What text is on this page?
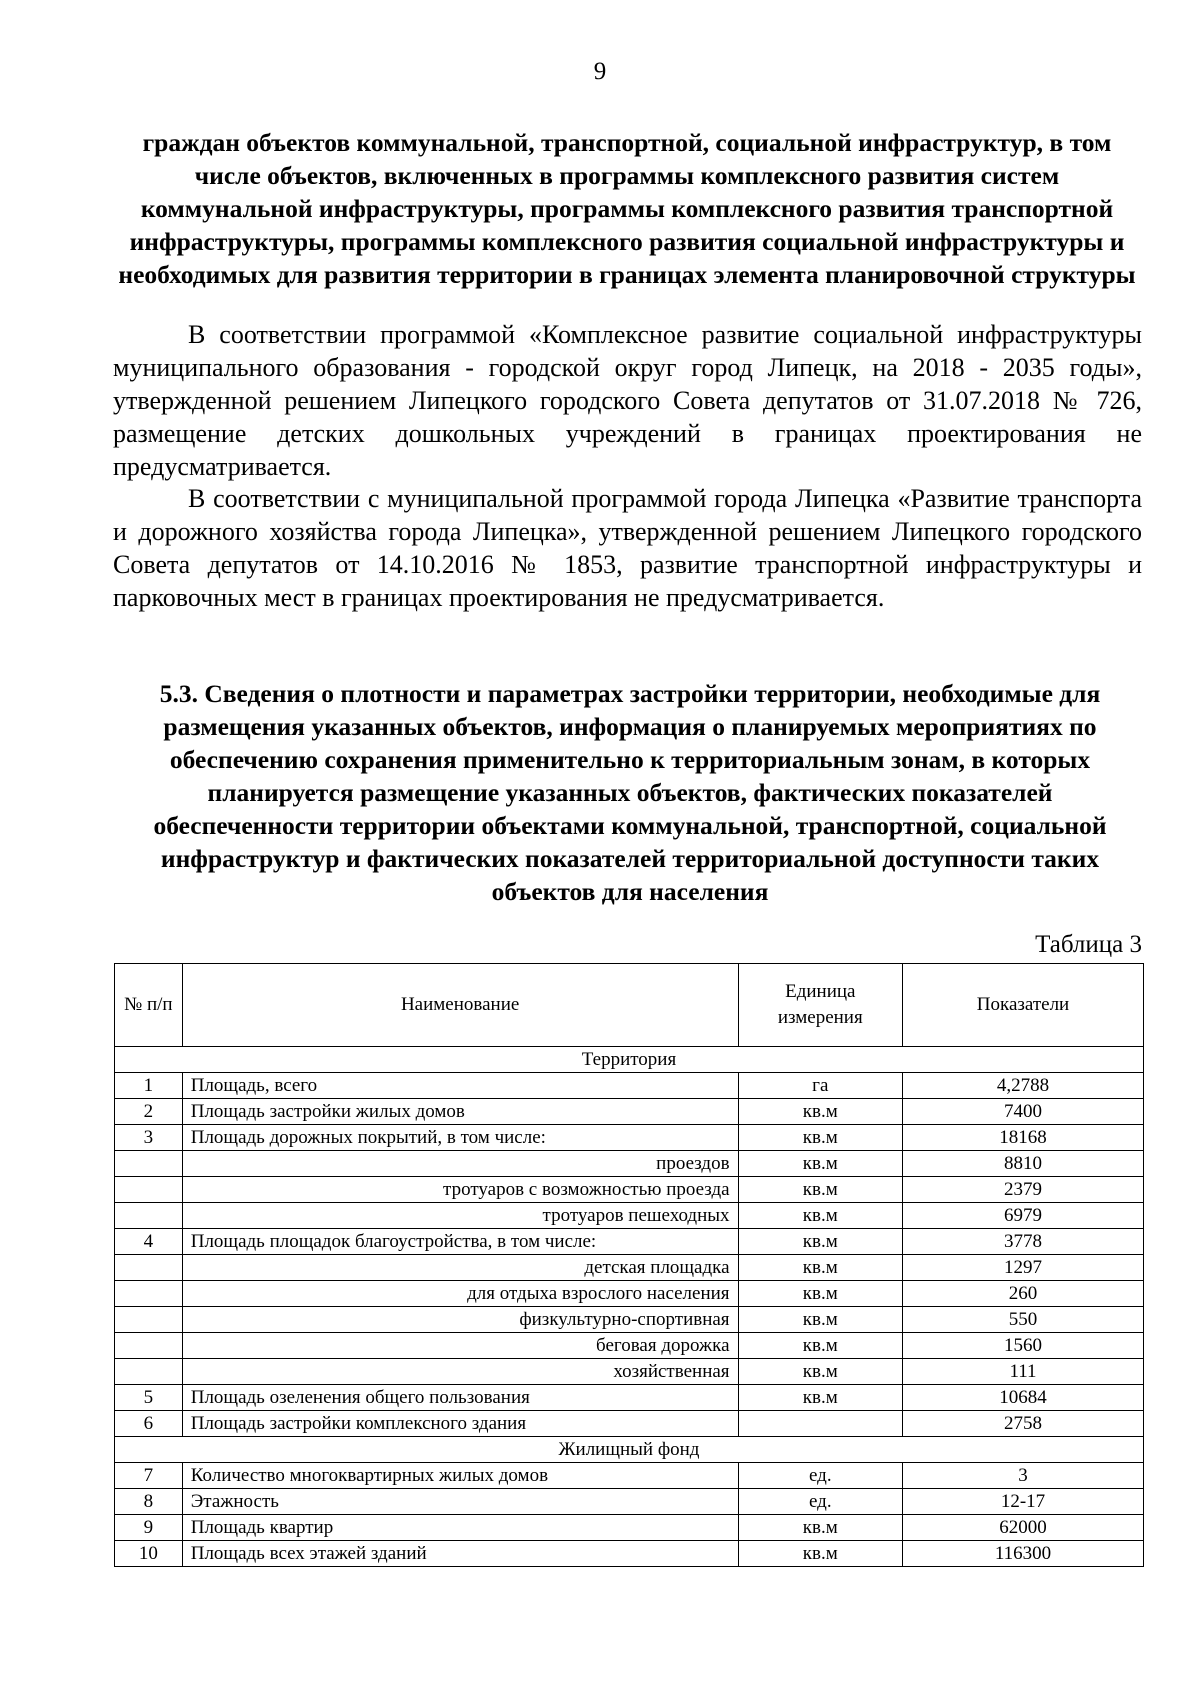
9
граждан объектов коммунальной, транспортной, социальной инфраструктур, в том числе объектов, включенных в программы комплексного развития систем коммунальной инфраструктуры, программы комплексного развития транспортной инфраструктуры, программы комплексного развития социальной инфраструктуры и необходимых для развития территории в границах элемента планировочной структуры

В соответствии программой «Комплексное развитие социальной инфраструктуры муниципального образования - городской округ город Липецк, на 2018 - 2035 годы», утвержденной решением Липецкого городского Совета депутатов от 31.07.2018 № 726, размещение детских дошкольных учреждений в границах проектирования не предусматривается.

В соответствии с муниципальной программой города Липецка «Развитие транспорта и дорожного хозяйства города Липецка», утвержденной решением Липецкого городского Совета депутатов от 14.10.2016 № 1853, развитие транспортной инфраструктуры и парковочных мест в границах проектирования не предусматривается.

5.3. Сведения о плотности и параметрах застройки территории, необходимые для размещения указанных объектов, информация о планируемых мероприятиях по обеспечению сохранения применительно к территориальным зонам, в которых планируется размещение указанных объектов, фактических показателей обеспеченности территории объектами коммунальной, транспортной, социальной инфраструктур и фактических показателей территориальной доступности таких объектов для населения
Таблица 3
№ п/п	Наименование	Единица измерения	Показатели
Территория			
1	Площадь, всего	га	4,2788
2	Площадь застройки жилых домов	кв.м	7400
3	Площадь дорожных покрытий, в том числе:	кв.м	18168
	проездов	кв.м	8810
	тротуаров с возможностью проезда	кв.м	2379
	тротуаров пешеходных	кв.м	6979
4	Площадь площадок благоустройства, в том числе:	кв.м	3778
	детская площадка	кв.м	1297
	для отдыха взрослого населения	кв.м	260
	физкультурно-спортивная	кв.м	550
	беговая дорожка	кв.м	1560
	хозяйственная	кв.м	111
5	Площадь озеленения общего пользования	кв.м	10684
6	Площадь застройки комплексного здания		2758
Жилищный фонд			
7	Количество многоквартирных жилых домов	ед.	3
8	Этажность	ед.	12-17
9	Площадь квартир	кв.м	62000
10	Площадь всех этажей зданий	кв.м	116300
